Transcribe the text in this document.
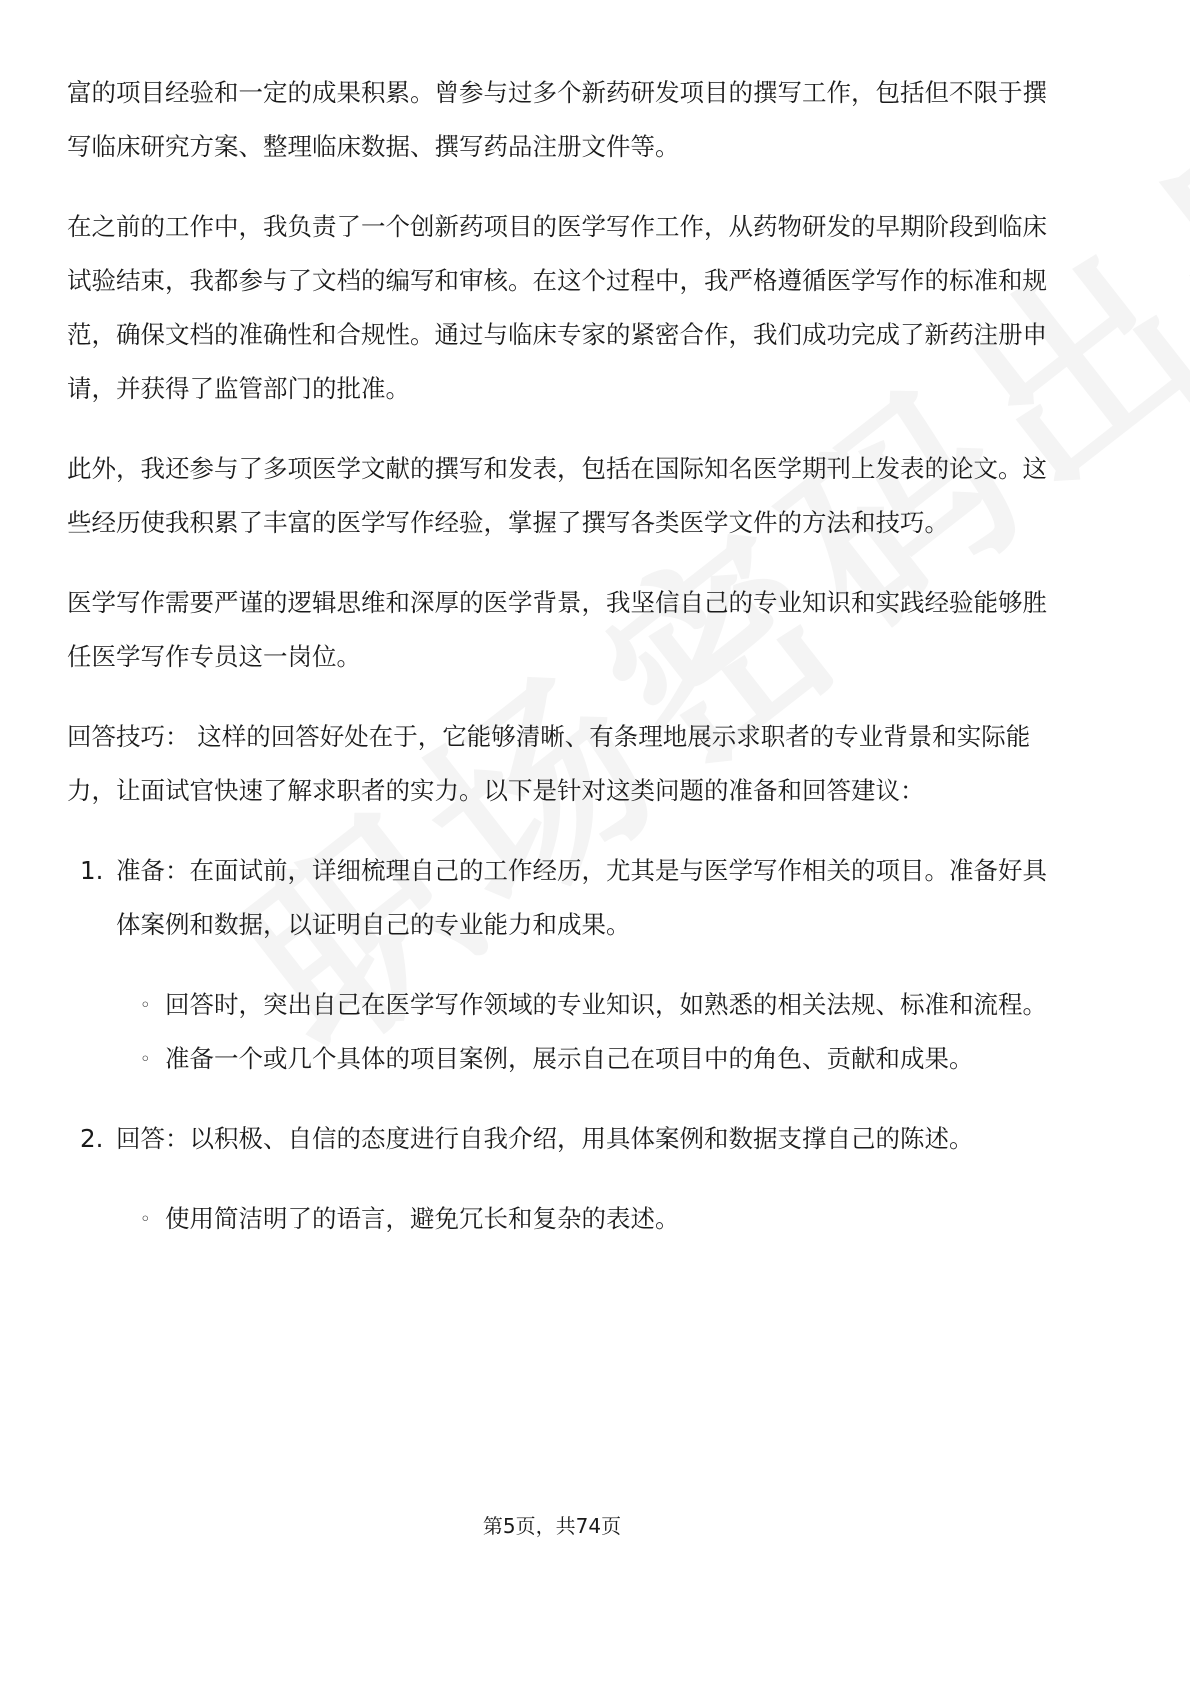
富的项目经验和一定的成果积累。曾参与过多个新药研发项目的撰写工作，包括但不限于撰写临床研究方案、整理临床数据、撰写药品注册文件等。

在之前的工作中，我负责了一个创新药项目的医学写作工作，从药物研发的早期阶段到临床试验结束，我都参与了文档的编写和审核。在这个过程中，我严格遵循医学写作的标准和规范，确保文档的准确性和合规性。通过与临床专家的紧密合作，我们成功完成了新药注册申请，并获得了监管部门的批准。

此外，我还参与了多项医学文献的撰写和发表，包括在国际知名医学期刊上发表的论文。这些经历使我积累了丰富的医学写作经验，掌握了撰写各类医学文件的方法和技巧。

医学写作需要严谨的逻辑思维和深厚的医学背景，我坚信自己的专业知识和实践经验能够胜任医学写作专员这一岗位。

回答技巧： 这样的回答好处在于，它能够清晰、有条理地展示求职者的专业背景和实际能力，让面试官快速了解求职者的实力。以下是针对这类问题的准备和回答建议：

1. 准备：在面试前，详细梳理自己的工作经历，尤其是与医学写作相关的项目。准备好具体案例和数据，以证明自己的专业能力和成果。
◦ 回答时，突出自己在医学写作领域的专业知识，如熟悉的相关法规、标准和流程。
◦ 准备一个或几个具体的项目案例，展示自己在项目中的角色、贡献和成果。
2. 回答：以积极、自信的态度进行自我介绍，用具体案例和数据支撑自己的陈述。
◦ 使用简洁明了的语言，避免冗长和复杂的表述。
第5页，共74页
